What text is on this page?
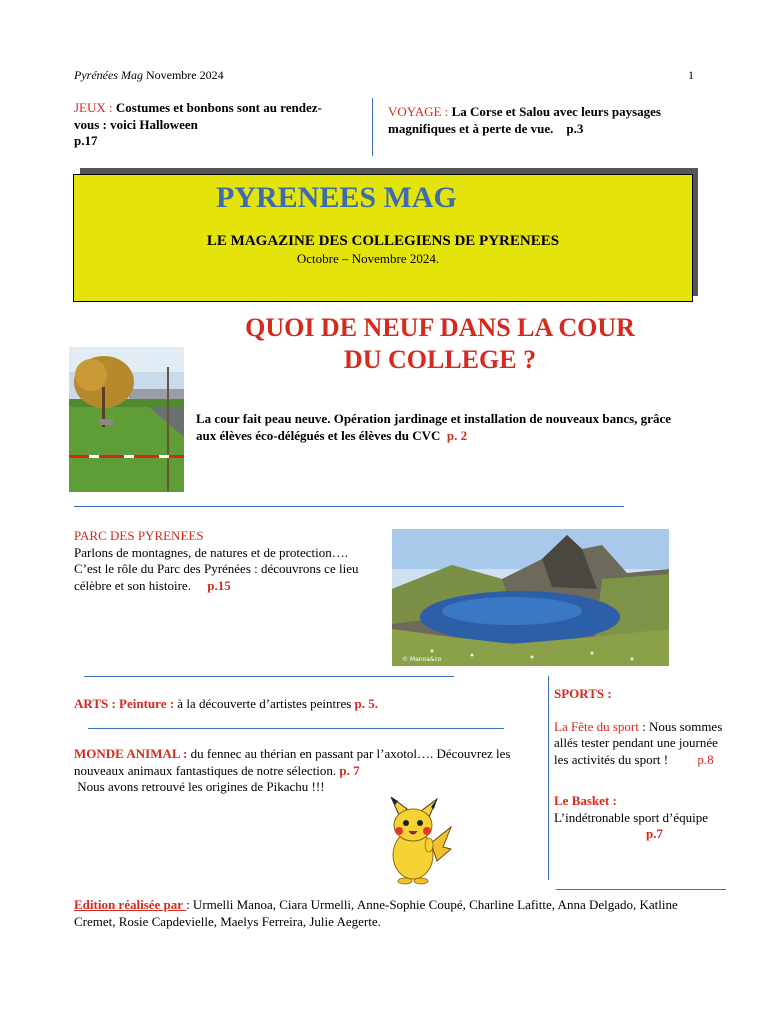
Pyrénées Mag Novembre 2024	1
JEUX : Costumes et bonbons sont au rendez-vous : voici Halloween
p.17
VOYAGE : La Corse et Salou avec leurs paysages magnifiques et à perte de vue. p.3
PYRENEES MAG
LE MAGAZINE DES COLLEGIENS DE PYRENEES
Octobre – Novembre 2024.
QUOI DE NEUF DANS LA COUR
DU COLLEGE ?
La cour fait peau neuve. Opération jardinage et installation de nouveaux bancs, grâce aux élèves éco-délégués et les élèves du CVC p. 2
PARC DES PYRENEES
Parlons de montagnes, de natures et de protection….
C’est le rôle du Parc des Pyrénées : découvrons ce lieu célèbre et son histoire. p.15
© Manoa&co
ARTS : Peinture : à la découverte d’artistes peintres p. 5.
MONDE ANIMAL : du fennec au thérian en passant par l’axotol…. Découvrez les nouveaux animaux fantastiques de notre sélection. p. 7
Nous avons retrouvé les origines de Pikachu !!!
SPORTS :
La Fête du sport : Nous sommes allés tester pendant une journée les activités du sport ! p.8
Le Basket :
L’indétronable sport d’équipe
p.7
Edition réalisée par : Urmelli Manoa, Ciara Urmelli, Anne-Sophie Coupé, Charline Lafitte, Anna Delgado, Katline Cremet, Rosie Capdevielle, Maelys Ferreira, Julie Aegerte.
